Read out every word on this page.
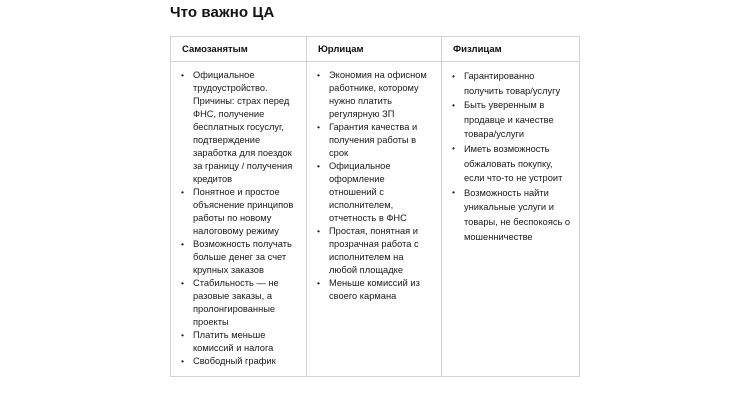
Что важно ЦА
Самозанятым	Юрлицам	Физлицам

• Официальное трудоустройство. Причины: страх перед ФНС, получение бесплатных госуслуг, подтверждение заработка для поездок за границу / получения кредитов
• Понятное и простое объяснение принципов работы по новому налоговому режиму
• Возможность получать больше денег за счет крупных заказов
• Стабильность — не разовые заказы, а пролонгированные проекты
• Платить меньше комиссий и налога
• Свободный график

• Экономия на офисном работнике, которому нужно платить регулярную ЗП
• Гарантия качества и получения работы в срок
• Официальное оформление отношений с исполнителем, отчетность в ФНС
• Простая, понятная и прозрачная работа с исполнителем на любой площадке
• Меньше комиссий из своего кармана

• Гарантированно получить товар/услугу
• Быть уверенным в продавце и качестве товара/услуги
• Иметь возможность обжаловать покупку, если что-то не устроит
• Возможность найти уникальные услуги и товары, не беспокоясь о мошенничестве
